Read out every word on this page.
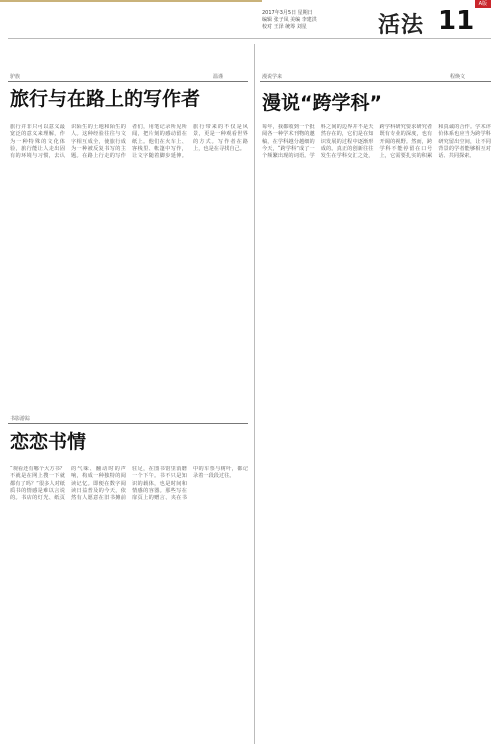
A版
2017年3月5日 星期日
编辑 张子凤 美编 李建洪
校对 王泽 统筹 刘星	活法 11
驴族	温谨
旅行与在路上的写作者
旅行并非只可以意义最宽泛的意义来理解，作为一种特殊的文化体验，旅行能让人走出固有的环境与习惯，去认识陌生的土地和陌生的人。这种经验往往与文字相互成全，使旅行成为一种被反复书写的主题。在路上行走的写作者们，用笔记录所见所闻，把片刻的感动留在纸上。他们在火车上、客栈里、帐篷中写作，让文字随着脚步延伸。旅行带来的不仅是风景，更是一种观看世界的方式。写作者在路上，也是在寻找自己。
书影游踪
恋恋书情
“观看还有哪个大方书？不就是在网上搜一下就都有了吗？”很多人对纸质书的情感是难以言说的。书店的灯光、纸页的气味、翻动时的声响，构成一种独特的阅读记忆。即便在数字阅读日益普及的今天，依然有人愿意在旧书摊前驻足，在图书馆里消磨一个下午。书不只是知识的载体，也是时间和情感的容器。那些写在扉页上的赠言、夹在书中的车票与树叶，都记录着一段段过往。
漫说学来	程焕文
漫说“跨学科”
每年，我都收到一个批阅各一种学术刊物的邀稿，在学科越分越细的今天，“跨学科”成了一个频繁出现的词语。学科之间的边界并不是天然存在的，它们是在知识发展的过程中逐渐形成的。真正的创新往往发生在学科交汇之处，跨学科研究要求研究者既有专业的深度，也有开阔的视野。然而，跨学科不能停留在口号上，它需要扎实的积累和真诚的合作。学术评价体系也应当为跨学科研究留出空间，让不同背景的学者能够相互对话、共同探索。
